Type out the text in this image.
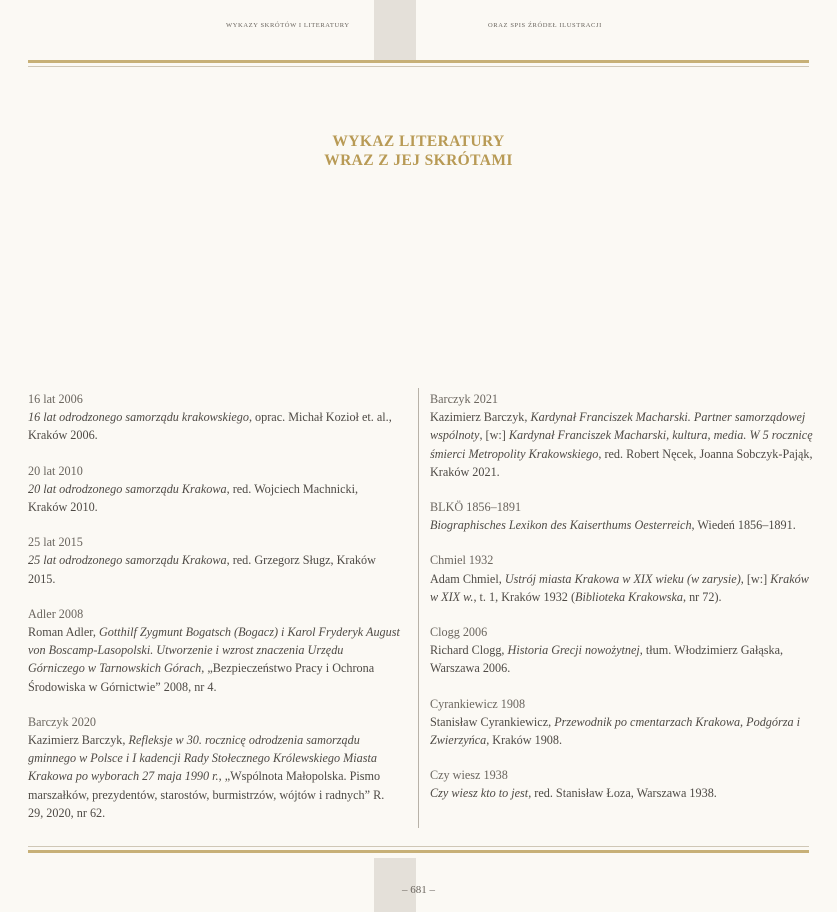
WYKAZY SKRÓTÓW I LITERATURY	ORAZ SPIS ŹRÓDEŁ ILUSTRACJI
WYKAZ LITERATURY
WRAZ Z JEJ SKRÓTAMI
16 lat 2006
16 lat odrodzonego samorządu krakowskiego, oprac. Michał Kozioł et. al., Kraków 2006.
20 lat 2010
20 lat odrodzonego samorządu Krakowa, red. Wojciech Machnicki, Kraków 2010.
25 lat 2015
25 lat odrodzonego samorządu Krakowa, red. Grzegorz Sługz, Kraków 2015.
Adler 2008
Roman Adler, Gotthilf Zygmunt Bogatsch (Bogacz) i Karol Fryderyk August von Boscamp-Lasopolski. Utworzenie i wzrost znaczenia Urzędu Górniczego w Tarnowskich Górach, „Bezpieczeństwo Pracy i Ochrona Środowiska w Górnictwie” 2008, nr 4.
Barczyk 2020
Kazimierz Barczyk, Refleksje w 30. rocznicę odrodzenia samorządu gminnego w Polsce i I kadencji Rady Stołecznego Królewskiego Miasta Krakowa po wyborach 27 maja 1990 r., „Wspólnota Małopolska. Pismo marszałków, prezydentów, starostów, burmistrzów, wójtów i radnych” R. 29, 2020, nr 62.
Barczyk 2021
Kazimierz Barczyk, Kardynał Franciszek Macharski. Partner samorządowej wspólnoty, [w:] Kardynał Franciszek Macharski, kultura, media. W 5 rocznicę śmierci Metropolity Krakowskiego, red. Robert Nęcek, Joanna Sobczyk-Pająk, Kraków 2021.
BLKÖ 1856–1891
Biographisches Lexikon des Kaiserthums Oesterreich, Wiedeń 1856–1891.
Chmiel 1932
Adam Chmiel, Ustrój miasta Krakowa w XIX wieku (w zarysie), [w:] Kraków w XIX w., t. 1, Kraków 1932 (Biblioteka Krakowska, nr 72).
Clogg 2006
Richard Clogg, Historia Grecji nowożytnej, tłum. Włodzimierz Gałąska, Warszawa 2006.
Cyrankiewicz 1908
Stanisław Cyrankiewicz, Przewodnik po cmentarzach Krakowa, Podgórza i Zwierzyńca, Kraków 1908.
Czy wiesz 1938
Czy wiesz kto to jest, red. Stanisław Łoza, Warszawa 1938.
– 681 –
